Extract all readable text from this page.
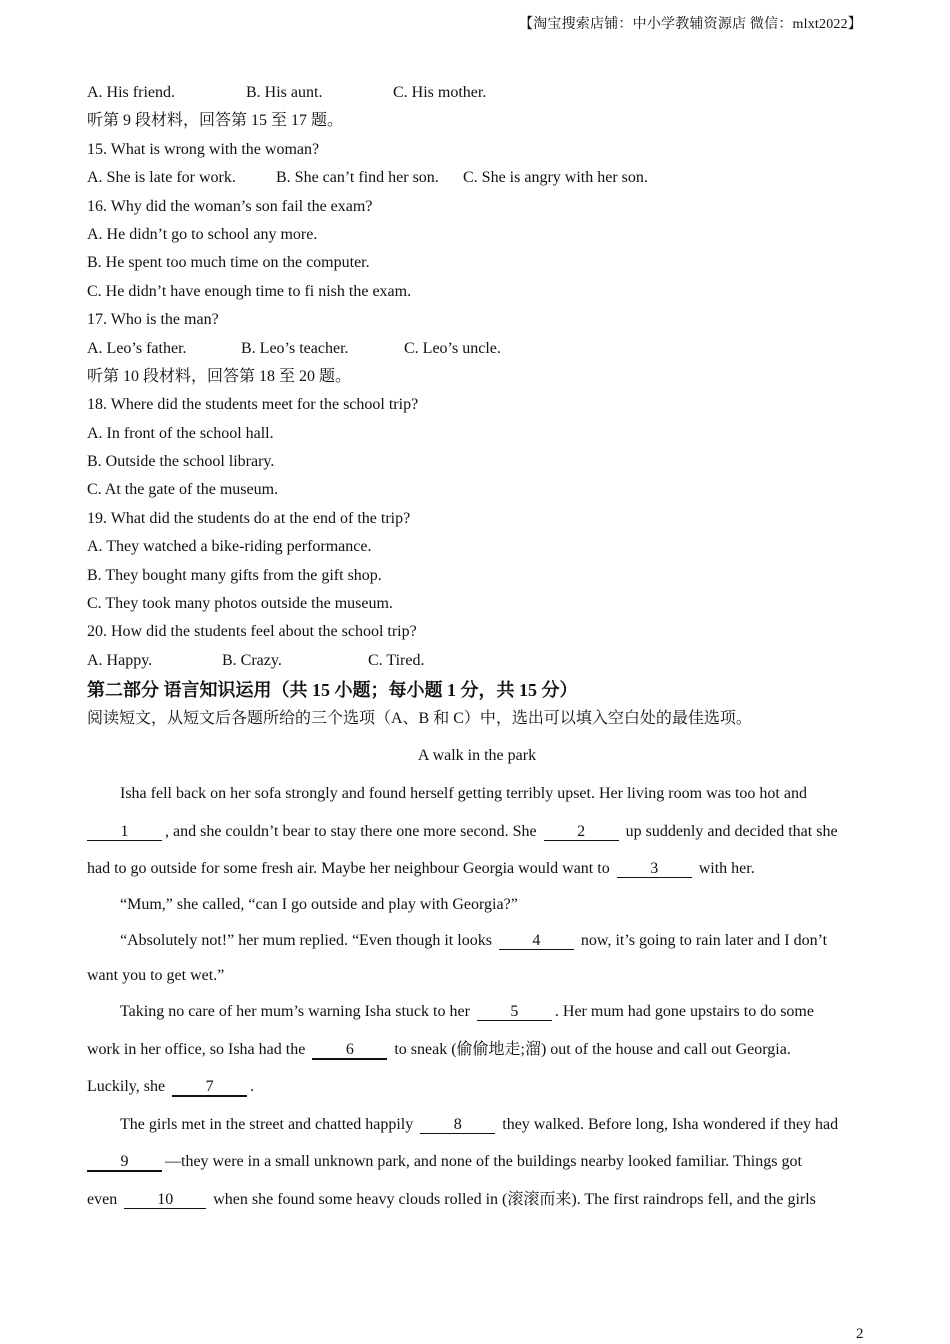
【淘宝搜索店铺：中小学教辅资源店 微信：mlxt2022】
A. His friend.	B. His aunt.	C. His mother.
听第 9 段材料，回答第 15 至 17 题。
15. What is wrong with the woman?
A. She is late for work.	B. She can’t find her son. C. She is angry with her son.
16. Why did the woman’s son fail the exam?
A. He didn’t go to school any more.
B. He spent too much time on the computer.
C. He didn’t have enough time to fi nish the exam.
17. Who is the man?
A. Leo’s father.	B. Leo’s teacher.	C. Leo’s uncle.
听第 10 段材料，回答第 18 至 20 题。
18. Where did the students meet for the school trip?
A. In front of the school hall.
B. Outside the school library.
C. At the gate of the museum.
19. What did the students do at the end of the trip?
A. They watched a bike-riding performance.
B. They bought many gifts from the gift shop.
C. They took many photos outside the museum.
20. How did the students feel about the school trip?
A. Happy.	B. Crazy.	C. Tired.
第二部分 语言知识运用（共 15 小题；每小题 1 分，共 15 分）
阅读短文，从短文后各题所给的三个选项（A、B 和 C）中，选出可以填入空白处的最佳选项。
A walk in the park
Isha fell back on her sofa strongly and found herself getting terribly upset. Her living room was too hot and
1 , and she couldn’t bear to stay there one more second. She	2	up suddenly and decided that she
had to go outside for some fresh air. Maybe her neighbour Georgia would want to	3	with her.
“Mum,” she called, “can I go outside and play with Georgia?”
“Absolutely not!” her mum replied. “Even though it looks	4	now, it’s going to rain later and I don’t
want you to get wet.”
Taking no care of her mum’s warning Isha stuck to her	5 . Her mum had gone upstairs to do some
work in her office, so Isha had the	6	to sneak (偷偷地走;溜) out of the house and call out Georgia.
Luckily, she	7 .
The girls met in the street and chatted happily	8	they walked. Before long, Isha wondered if they had
9 —they were in a small unknown park, and none of the buildings nearby looked familiar. Things got
even	10	when she found some heavy clouds rolled in (滚滚而来). The first raindrops fell, and the girls
2
